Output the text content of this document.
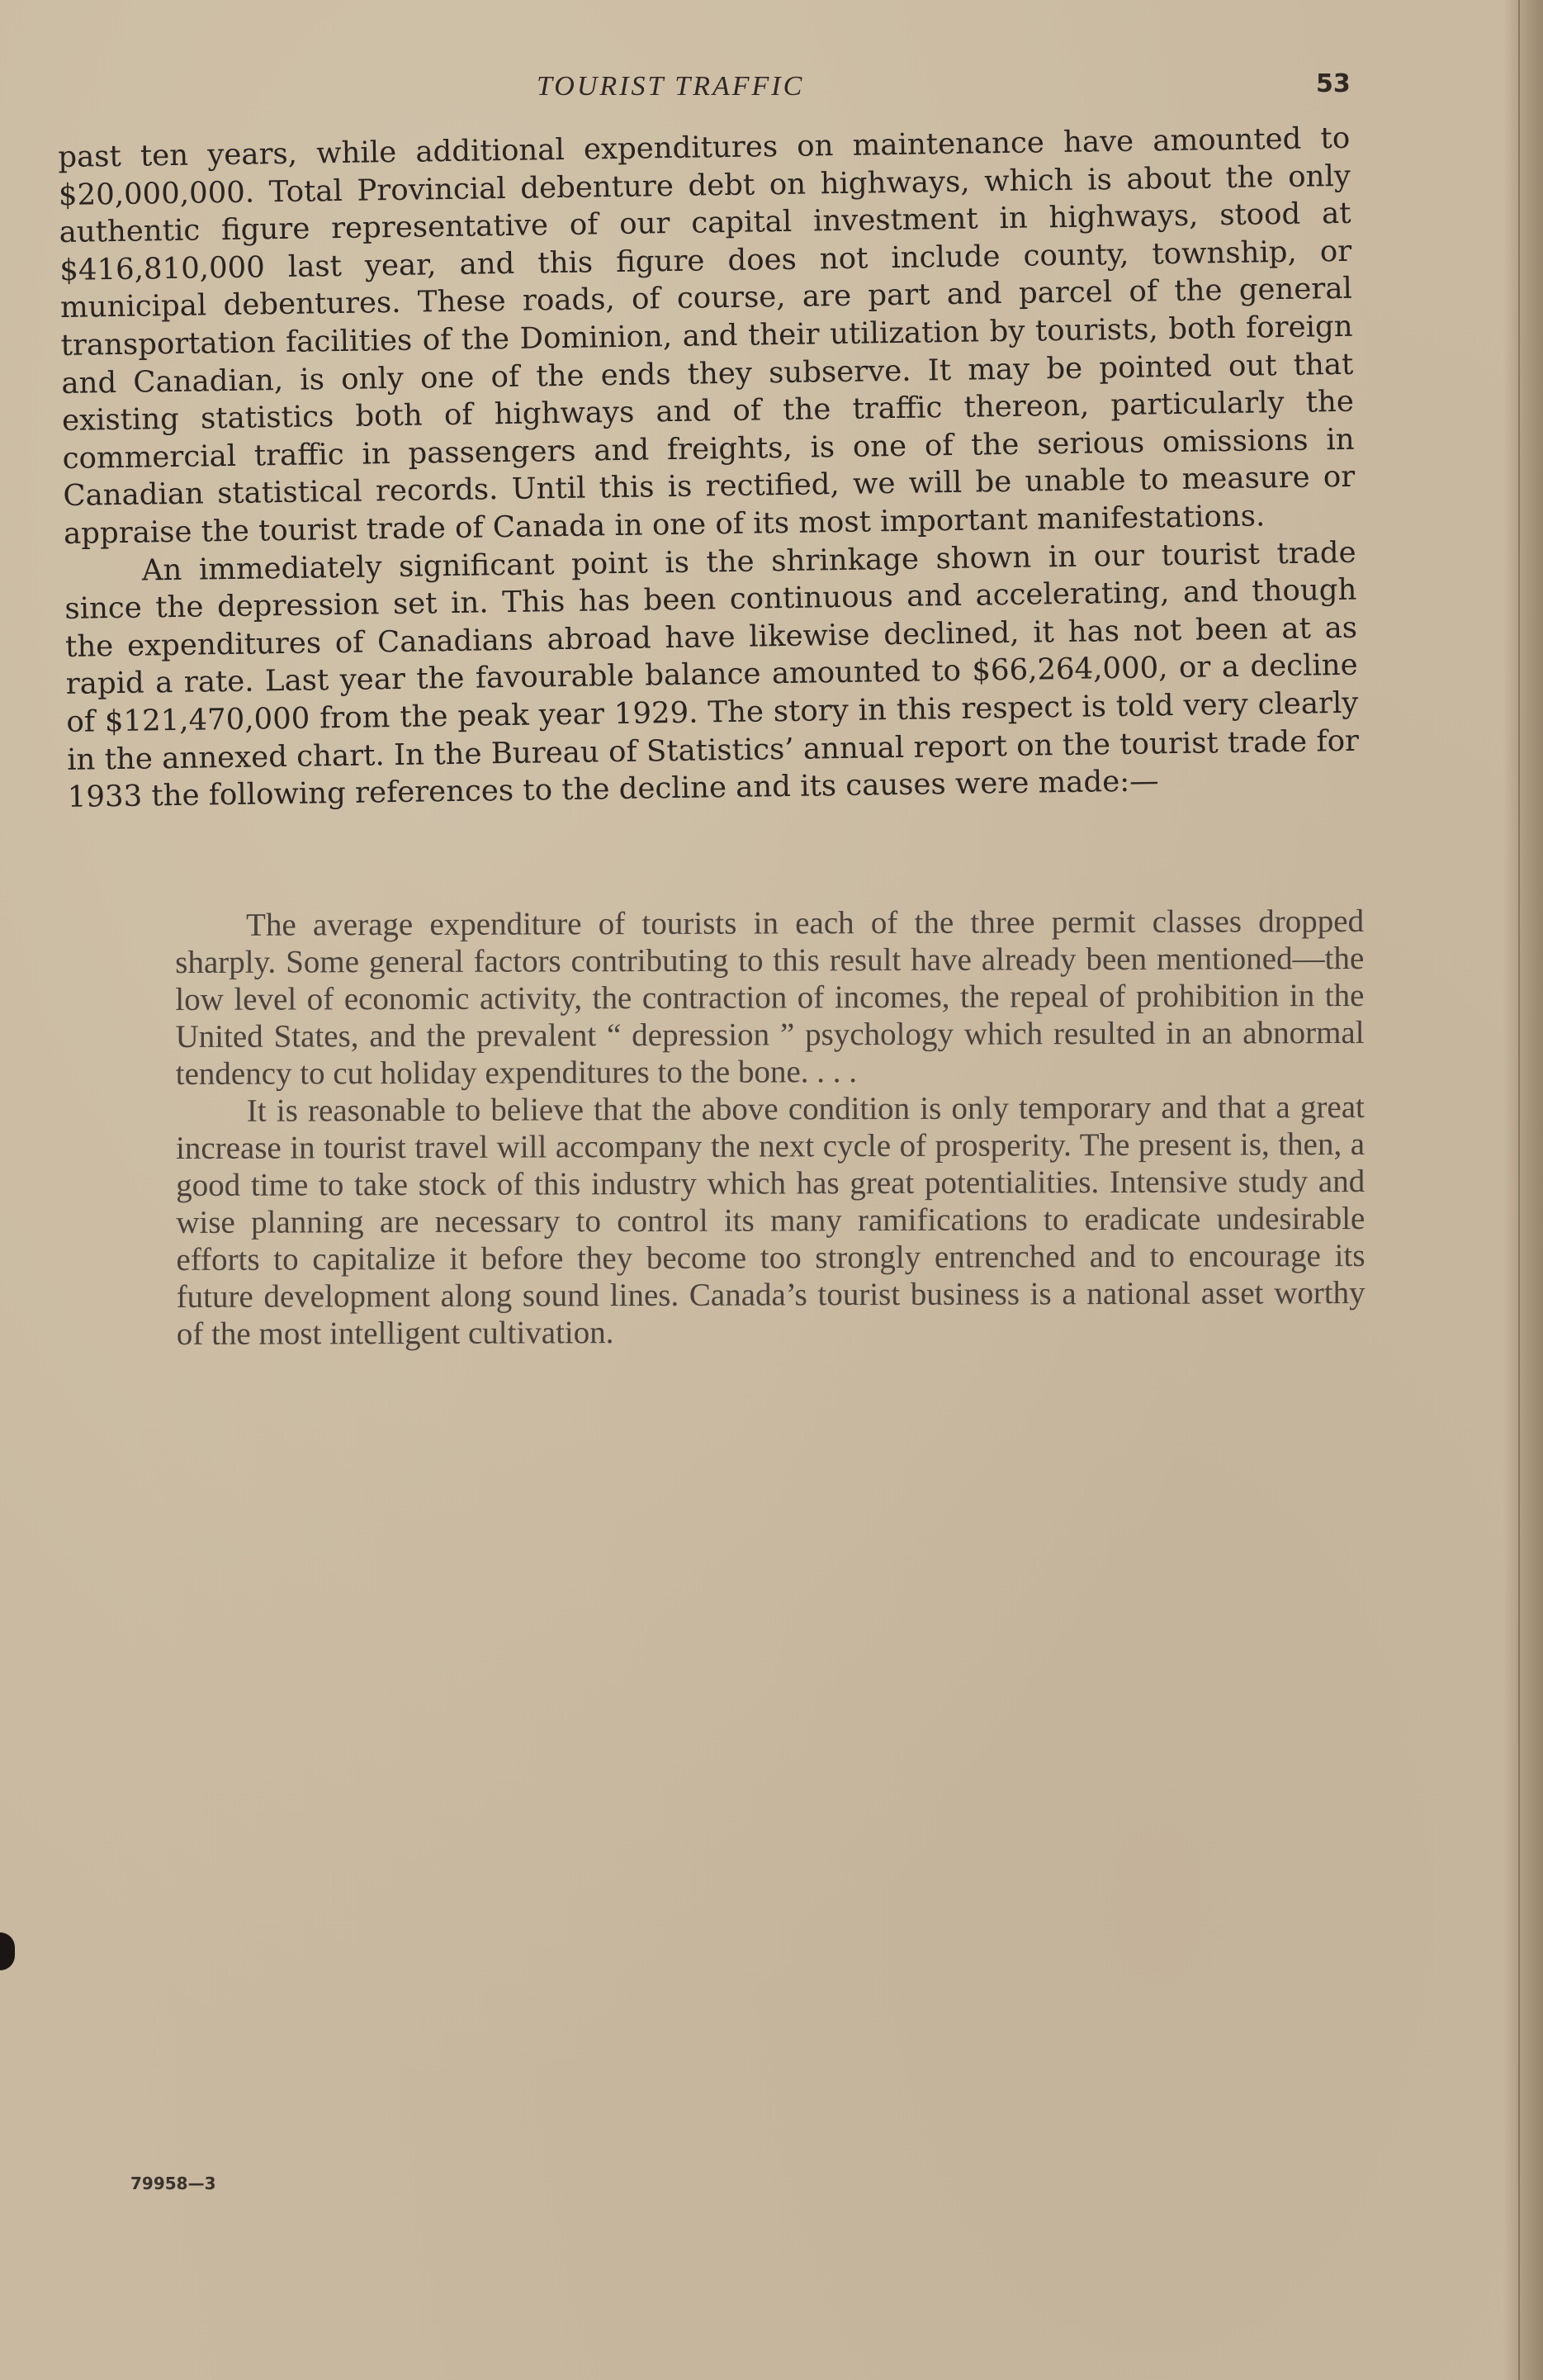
TOURIST TRAFFIC	53

past ten years, while additional expenditures on maintenance have amounted to $20,000,000. Total Provincial debenture debt on highways, which is about the only authentic figure representative of our capital investment in highways, stood at $416,810,000 last year, and this figure does not include county, township, or municipal debentures. These roads, of course, are part and parcel of the general transportation facilities of the Dominion, and their utilization by tourists, both foreign and Canadian, is only one of the ends they subserve. It may be pointed out that existing statistics both of highways and of the traffic thereon, particularly the commercial traffic in passengers and freights, is one of the serious omissions in Canadian statistical records. Until this is rectified, we will be unable to measure or appraise the tourist trade of Canada in one of its most important manifestations.

An immediately significant point is the shrinkage shown in our tourist trade since the depression set in. This has been continuous and accelerating, and though the expenditures of Canadians abroad have likewise declined, it has not been at as rapid a rate. Last year the favourable balance amounted to $66,264,000, or a decline of $121,470,000 from the peak year 1929. The story in this respect is told very clearly in the annexed chart. In the Bureau of Statistics’ annual report on the tourist trade for 1933 the following references to the decline and its causes were made:—

The average expenditure of tourists in each of the three permit classes dropped sharply. Some general factors contributing to this result have already been mentioned—the low level of economic activity, the contraction of incomes, the repeal of prohibition in the United States, and the prevalent “ depression ” psychology which resulted in an abnormal tendency to cut holiday expenditures to the bone. . . .

It is reasonable to believe that the above condition is only temporary and that a great increase in tourist travel will accompany the next cycle of prosperity. The present is, then, a good time to take stock of this industry which has great potentialities. Intensive study and wise planning are necessary to control its many ramifications to eradicate undesirable efforts to capitalize it before they become too strongly entrenched and to encourage its future development along sound lines. Canada’s tourist business is a national asset worthy of the most intelligent cultivation.

79958—3
